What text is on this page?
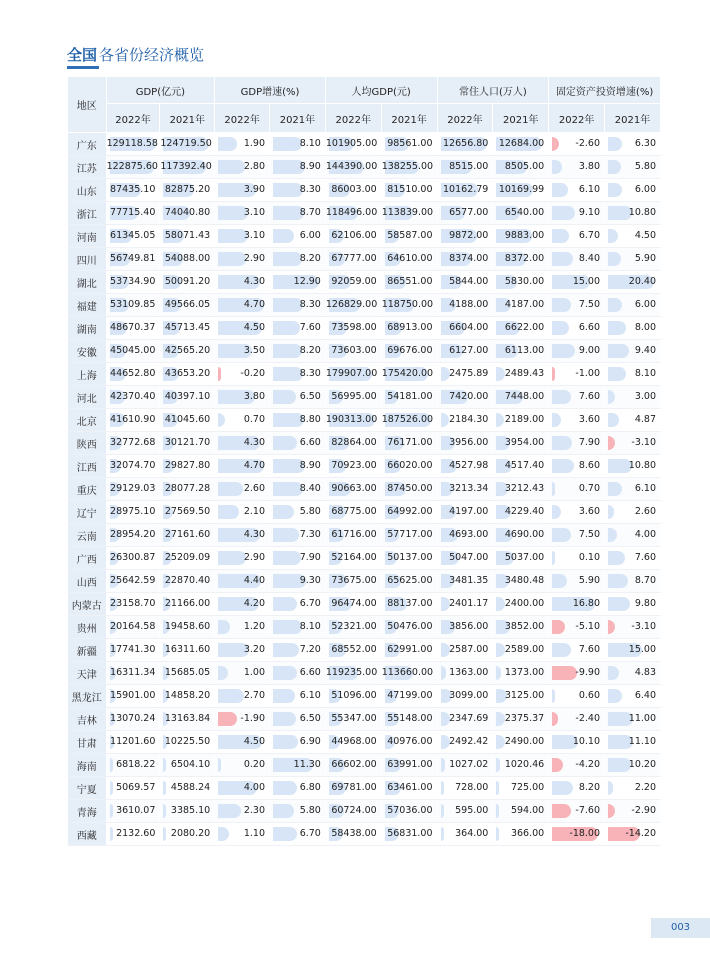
全国 各省份经济概览
地区	GDP(亿元)		GDP增速(%)		人均GDP(元)		常住人口(万人)		固定资产投资增速(%)	
	2022年	2021年	2022年	2021年	2022年	2021年	2022年	2021年	2022年	2021年
广东	129118.58	124719.50	1.90	8.10	101905.00	98561.00	12656.80	12684.00	-2.60	6.30

江苏	122875.60	117392.40	2.80	8.90	144390.00	138255.00	8515.00	8505.00	3.80	5.80

山东	87435.10	82875.20	3.90	8.30	86003.00	81510.00	10162.79	10169.99	6.10	6.00

浙江	77715.40	74040.80	3.10	8.70	118496.00	113839.00	6577.00	6540.00	9.10	10.80

河南	61345.05	58071.43	3.10	6.00	62106.00	58587.00	9872.00	9883.00	6.70	4.50

四川	56749.81	54088.00	2.90	8.20	67777.00	64610.00	8374.00	8372.00	8.40	5.90

湖北	53734.90	50091.20	4.30	12.90	92059.00	86551.00	5844.00	5830.00	15.00	20.40

福建	53109.85	49566.05	4.70	8.30	126829.00	118750.00	4188.00	4187.00	7.50	6.00

湖南	48670.37	45713.45	4.50	7.60	73598.00	68913.00	6604.00	6622.00	6.60	8.00

安徽	45045.00	42565.20	3.50	8.20	73603.00	69676.00	6127.00	6113.00	9.00	9.40

上海	44652.80	43653.20	-0.20	8.30	179907.00	175420.00	2475.89	2489.43	-1.00	8.10

河北	42370.40	40397.10	3.80	6.50	56995.00	54181.00	7420.00	7448.00	7.60	3.00

北京	41610.90	41045.60	0.70	8.80	190313.00	187526.00	2184.30	2189.00	3.60	4.87

陕西	32772.68	30121.70	4.30	6.60	82864.00	76171.00	3956.00	3954.00	7.90	-3.10

江西	32074.70	29827.80	4.70	8.90	70923.00	66020.00	4527.98	4517.40	8.60	10.80

重庆	29129.03	28077.28	2.60	8.40	90663.00	87450.00	3213.34	3212.43	0.70	6.10

辽宁	28975.10	27569.50	2.10	5.80	68775.00	64992.00	4197.00	4229.40	3.60	2.60

云南	28954.20	27161.60	4.30	7.30	61716.00	57717.00	4693.00	4690.00	7.50	4.00

广西	26300.87	25209.09	2.90	7.90	52164.00	50137.00	5047.00	5037.00	0.10	7.60

山西	25642.59	22870.40	4.40	9.30	73675.00	65625.00	3481.35	3480.48	5.90	8.70

内蒙古	23158.70	21166.00	4.20	6.70	96474.00	88137.00	2401.17	2400.00	16.80	9.80

贵州	20164.58	19458.60	1.20	8.10	52321.00	50476.00	3856.00	3852.00	-5.10	-3.10

新疆	17741.30	16311.60	3.20	7.20	68552.00	62991.00	2587.00	2589.00	7.60	15.00

天津	16311.34	15685.05	1.00	6.60	119235.00	113660.00	1363.00	1373.00	-9.90	4.83

黑龙江	15901.00	14858.20	2.70	6.10	51096.00	47199.00	3099.00	3125.00	0.60	6.40

吉林	13070.24	13163.84	-1.90	6.50	55347.00	55148.00	2347.69	2375.37	-2.40	11.00

甘肃	11201.60	10225.50	4.50	6.90	44968.00	40976.00	2492.42	2490.00	10.10	11.10

海南	6818.22	6504.10	0.20	11.30	66602.00	63991.00	1027.02	1020.46	-4.20	10.20

宁夏	5069.57	4588.24	4.00	6.80	69781.00	63461.00	728.00	725.00	8.20	2.20

青海	3610.07	3385.10	2.30	5.80	60724.00	57036.00	595.00	594.00	-7.60	-2.90

西藏	2132.60	2080.20	1.10	6.70	58438.00	56831.00	364.00	366.00	-18.00	-14.20
003
